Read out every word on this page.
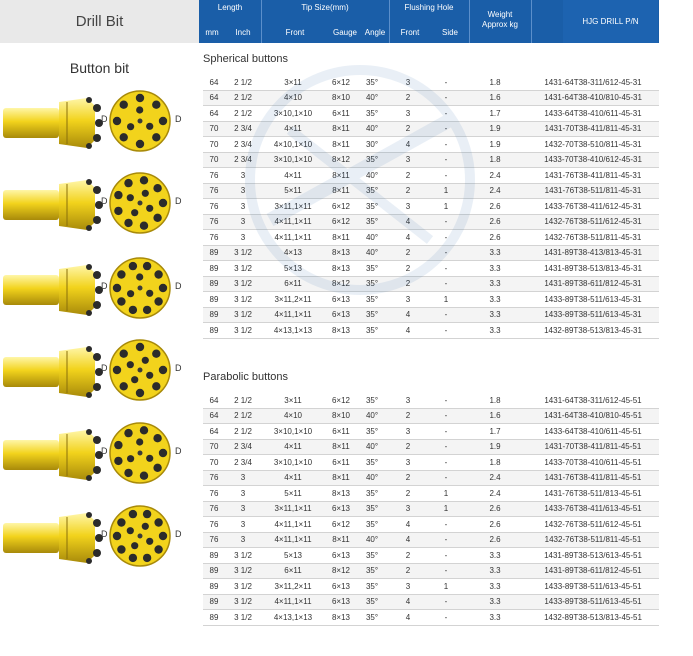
Drill Bit
Button bit
D	D
D	D
D	D
D	D
D	D
D	D
Length
mm	Inch
Tip Size(mm)
Front	Gauge Angle
Flushing Hole
Front	Side
Weight
Approx kg	HJG DRILL P/N
Spherical buttons
64	2 1/2	3×11	6×12	35°	3	-	1.8	1431-64T38-311/612-45-31
64	2 1/2	4×10	8×10	40°	2	-	1.6	1431-64T38-410/810-45-31
64	2 1/2	3×10,1×10	6×11	35°	3	-	1.7	1433-64T38-410/611-45-31
70	2 3/4	4×11	8×11	40°	2	-	1.9	1431-70T38-411/811-45-31
70	2 3/4	4×10,1×10	8×11	30°	4	-	1.9	1432-70T38-510/811-45-31
70	2 3/4	3×10,1×10	8×12	35°	3	-	1.8	1433-70T38-410/612-45-31
76	3	4×11	8×11	40°	2	-	2.4	1431-76T38-411/811-45-31
76	3	5×11	8×11	35°	2	1	2.4	1431-76T38-511/811-45-31
76	3	3×11,1×11	6×12	35°	3	1	2.6	1433-76T38-411/612-45-31
76	3	4×11,1×11	6×12	35°	4	-	2.6	1432-76T38-511/612-45-31
76	3	4×11,1×11	8×11	40°	4	-	2.6	1432-76T38-511/811-45-31
89	3 1/2	4×13	8×13	40°	2	-	3.3	1431-89T38-413/813-45-31
89	3 1/2	5×13	8×13	35°	2	-	3.3	1431-89T38-513/813-45-31
89	3 1/2	6×11	8×12	35°	2	-	3.3	1431-89T38-611/812-45-31
89	3 1/2	3×11,2×11	6×13	35°	3	1	3.3	1433-89T38-511/613-45-31
89	3 1/2	4×11,1×11	6×13	35°	4	-	3.3	1433-89T38-511/613-45-31
89	3 1/2	4×13,1×13	8×13	35°	4	-	3.3	1432-89T38-513/813-45-31
Parabolic buttons
64	2 1/2	3×11	6×12	35°	3	-	1.8	1431-64T38-311/612-45-51
64	2 1/2	4×10	8×10	40°	2	-	1.6	1431-64T38-410/810-45-51
64	2 1/2	3×10,1×10	6×11	35°	3	-	1.7	1433-64T38-410/611-45-51
70	2 3/4	4×11	8×11	40°	2	-	1.9	1431-70T38-411/811-45-51
70	2 3/4	3×10,1×10	6×11	35°	3	-	1.8	1433-70T38-410/611-45-51
76	3	4×11	8×11	40°	2	-	2.4	1431-76T38-411/811-45-51
76	3	5×11	8×13	35°	2	1	2.4	1431-76T38-511/813-45-51
76	3	3×11,1×11	6×13	35°	3	1	2.6	1433-76T38-411/613-45-51
76	3	4×11,1×11	6×12	35°	4	-	2.6	1432-76T38-511/612-45-51
76	3	4×11,1×11	8×11	40°	4	-	2.6	1432-76T38-511/811-45-51
89	3 1/2	5×13	6×13	35°	2	-	3.3	1431-89T38-513/613-45-51
89	3 1/2	6×11	8×12	35°	2	-	3.3	1431-89T38-611/812-45-51
89	3 1/2	3×11,2×11	6×13	35°	3	1	3.3	1433-89T38-511/613-45-51
89	3 1/2	4×11,1×11	6×13	35°	4	-	3.3	1433-89T38-511/613-45-51
89	3 1/2	4×13,1×13	8×13	35°	4	-	3.3	1432-89T38-513/813-45-51
